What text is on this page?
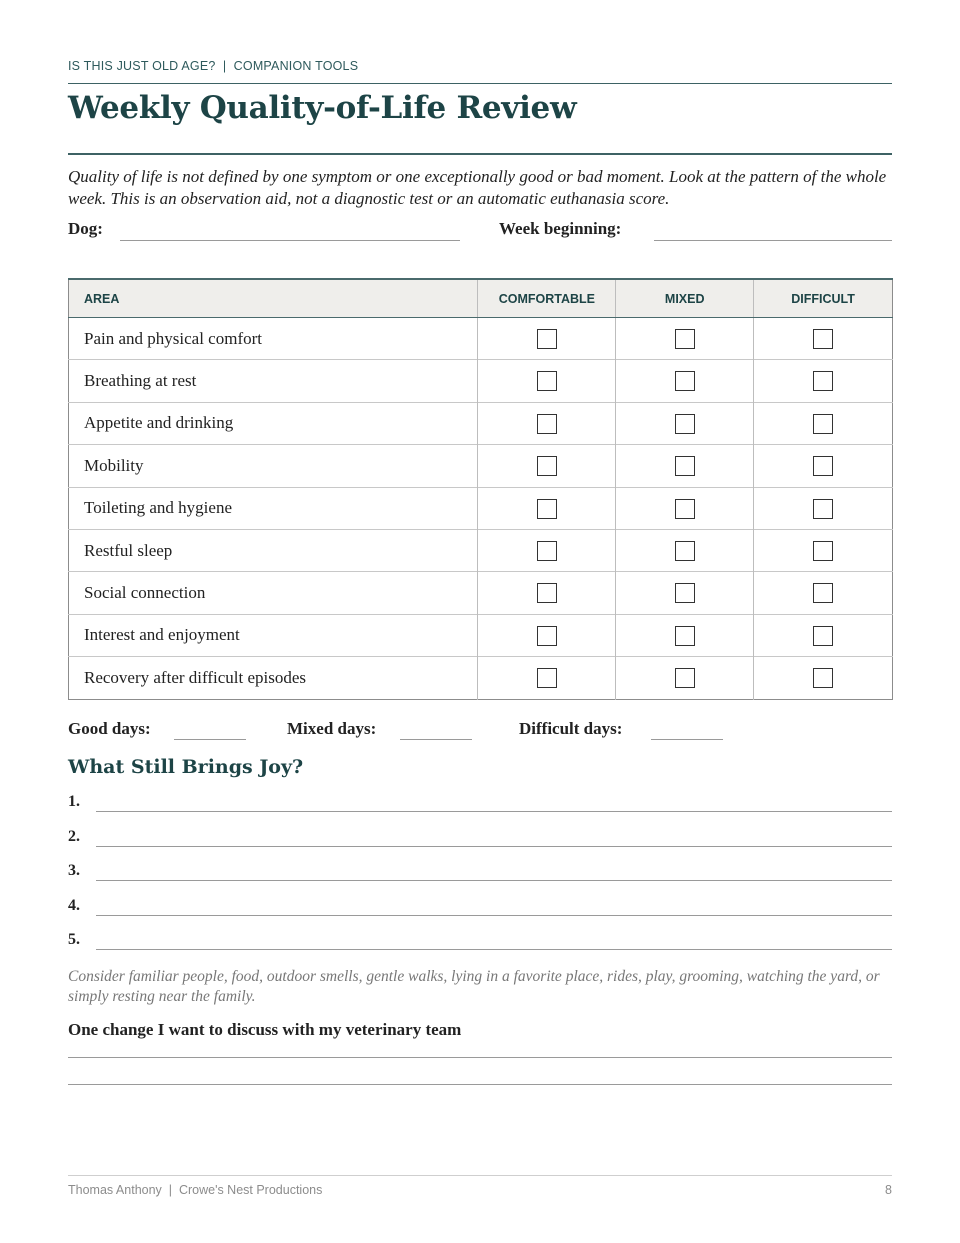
IS THIS JUST OLD AGE?  |  COMPANION TOOLS
Weekly Quality-of-Life Review

Quality of life is not defined by one symptom or one exceptionally good or bad moment. Look at the pattern of the whole week. This is an observation aid, not a diagnostic test or an automatic euthanasia score.

Dog:	Week beginning:
AREA	COMFORTABLE	MIXED	DIFFICULT
Pain and physical comfort			
Breathing at rest			
Appetite and drinking			
Mobility			
Toileting and hygiene			
Restful sleep			
Social connection			
Interest and enjoyment			
Recovery after difficult episodes			
Good days:	Mixed days:	Difficult days:
What Still Brings Joy?
1.
2.
3.
4.
5.

Consider familiar people, food, outdoor smells, gentle walks, lying in a favorite place, rides, play, grooming, watching the yard, or simply resting near the family.

One change I want to discuss with my veterinary team
Thomas Anthony  |  Crowe's Nest Productions	8
